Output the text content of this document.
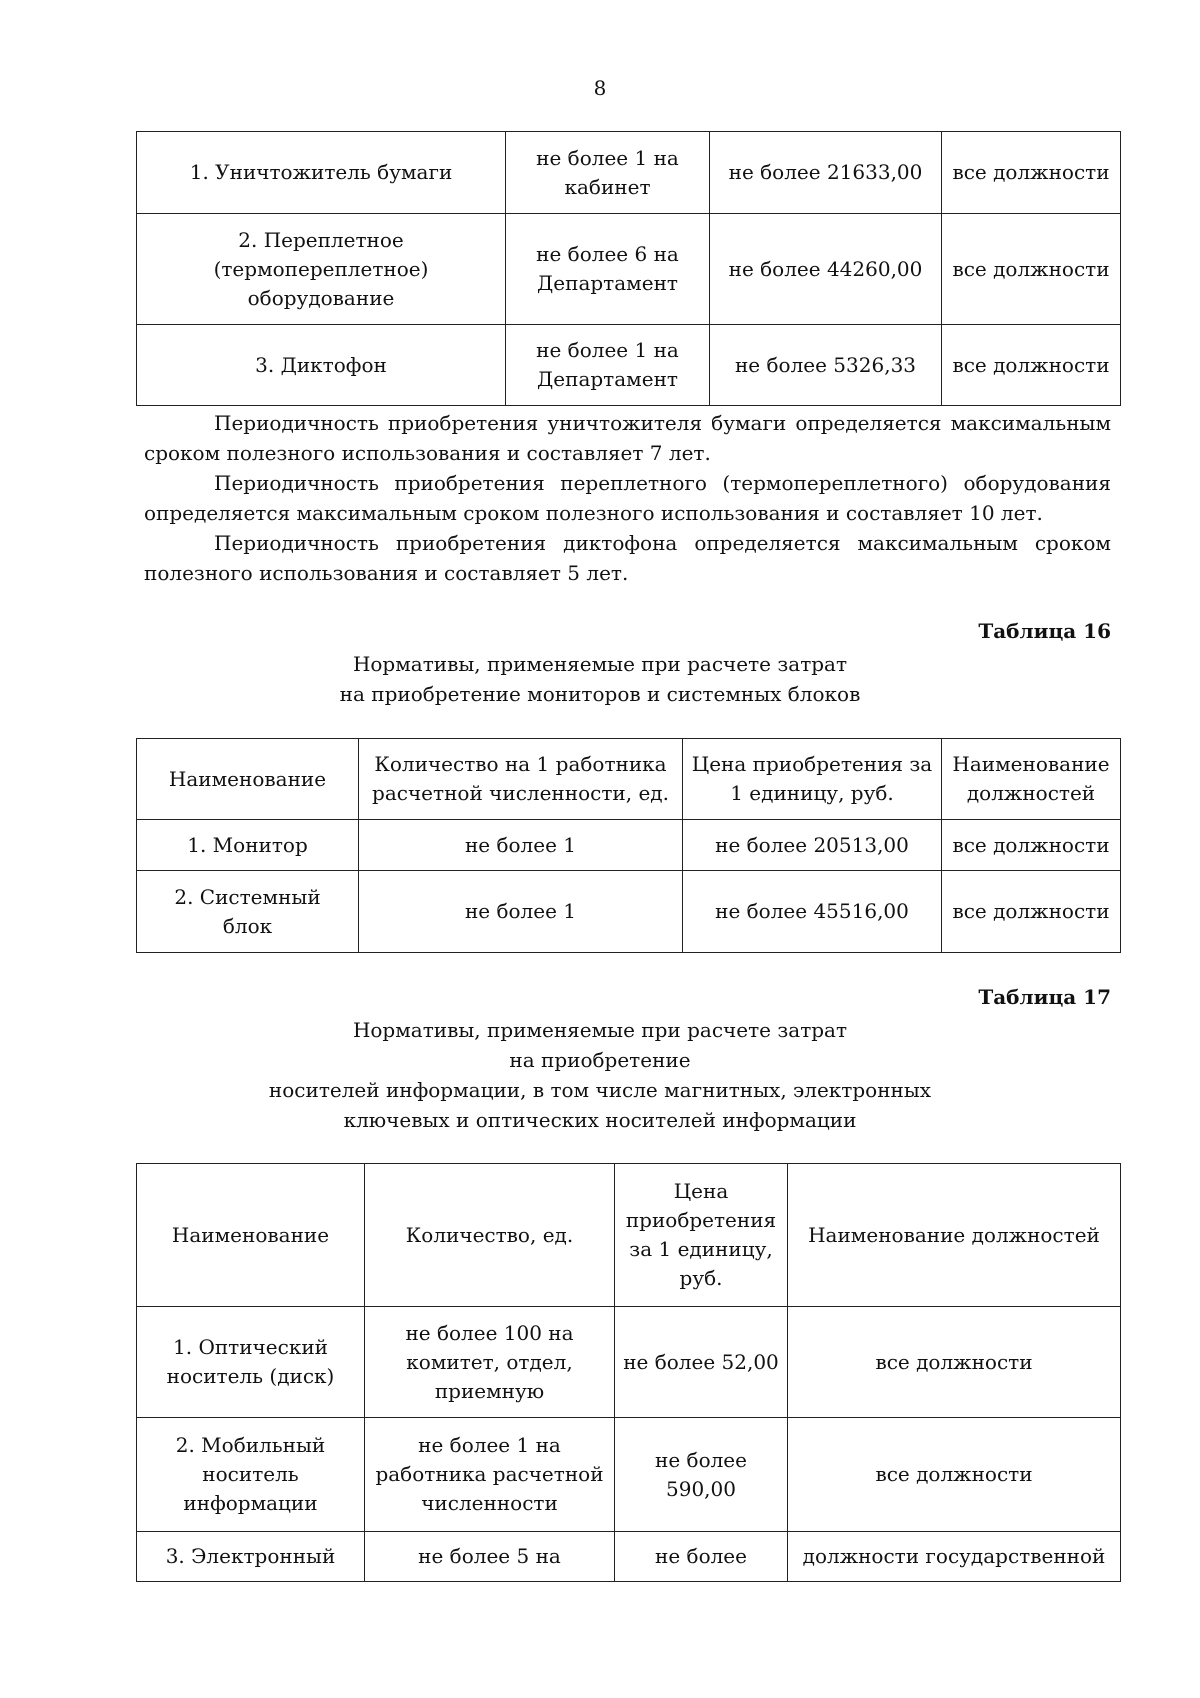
8
1. Уничтожитель бумаги	не более 1 на кабинет	не более 21633,00	все должности
2. Переплетное (термопереплетное) оборудование	не более 6 на Департамент	не более 44260,00	все должности
3. Диктофон	не более 1 на Департамент	не более 5326,33	все должности

Периодичность приобретения уничтожителя бумаги определяется максимальным сроком полезного использования и составляет 7 лет.

Периодичность приобретения переплетного (термопереплетного) оборудования определяется максимальным сроком полезного использования и составляет 10 лет.

Периодичность приобретения диктофона определяется максимальным сроком полезного использования и составляет 5 лет.

Таблица 16
Нормативы, применяемые при расчете затрат
на приобретение мониторов и системных блоков
Наименование	Количество на 1 работника расчетной численности, ед.	Цена приобретения за 1 единицу, руб.	Наименование должностей
1. Монитор	не более 1	не более 20513,00	все должности
2. Системный блок	не более 1	не более 45516,00	все должности
Таблица 17
Нормативы, применяемые при расчете затрат
на приобретение
носителей информации, в том числе магнитных, электронных
ключевых и оптических носителей информации
Наименование	Количество, ед.	Цена приобретения за 1 единицу, руб.	Наименование должностей
1. Оптический носитель (диск)	не более 100 на комитет, отдел, приемную	не более 52,00	все должности
2. Мобильный носитель информации	не более 1 на работника расчетной численности	не более 590,00	все должности
3. Электронный	не более 5 на	не более	должности государственной
